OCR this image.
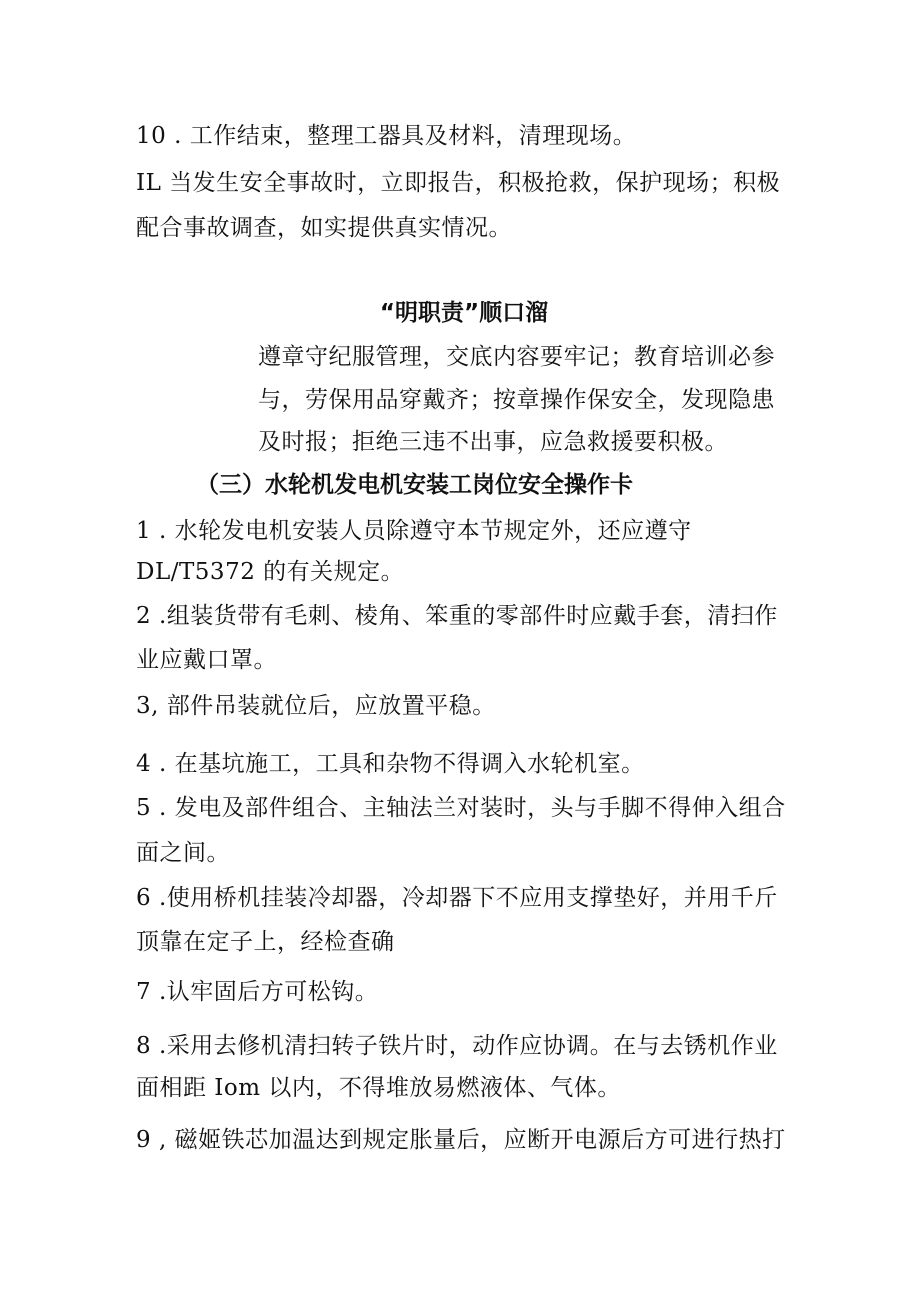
10 . 工作结束，整理工器具及材料，清理现场。
IL 当发生安全事故时，立即报告，积极抢救，保护现场；积极
配合事故调查，如实提供真实情况。
“明职责”顺口溜
遵章守纪服管理，交底内容要牢记；教育培训必参
与，劳保用品穿戴齐；按章操作保安全，发现隐患
及时报；拒绝三违不出事，应急救援要积极。
（三）水轮机发电机安装工岗位安全操作卡
1 . 水轮发电机安装人员除遵守本节规定外，还应遵守
DL/T5372 的有关规定。
2 .组装货带有毛刺、棱角、笨重的零部件时应戴手套，清扫作
业应戴口罩。
3, 部件吊装就位后，应放置平稳。
4 . 在基坑施工，工具和杂物不得调入水轮机室。
5 . 发电及部件组合、主轴法兰对装时，头与手脚不得伸入组合
面之间。
6 .使用桥机挂装冷却器，冷却器下不应用支撑垫好，并用千斤
顶靠在定子上，经检查确
7 .认牢固后方可松钩。
8 .采用去修机清扫转子铁片时，动作应协调。在与去锈机作业
面相距 Iom 以内，不得堆放易燃液体、气体。
9 , 磁姬铁芯加温达到规定胀量后，应断开电源后方可进行热打
